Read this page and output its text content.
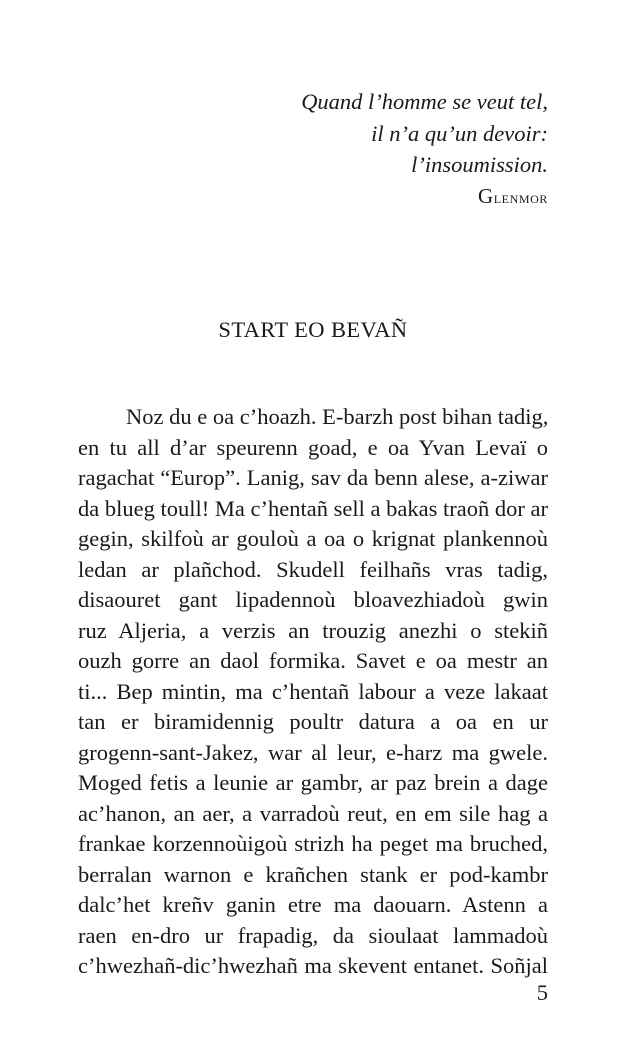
Quand l’homme se veut tel,
il n’a qu’un devoir:
l’insoumission.
Glenmor
START EO BEVAÑ
Noz du e oa c’hoazh. E-barzh post bihan tadig,
en tu all d’ar speurenn goad, e oa Yvan Levaï o
ragachat “Europ”. Lanig, sav da benn alese, a-ziwar
da blueg toull! Ma c’hentañ sell a bakas traoñ dor ar
gegin, skilfoù ar gouloù a oa o krignat plankennoù
ledan ar plañchod. Skudell feilhañs vras tadig,
disaouret gant lipadennoù bloavezhiadoù gwin
ruz Aljeria, a verzis an trouzig anezhi o stekiñ
ouzh gorre an daol formika. Savet e oa mestr an
ti... Bep mintin, ma c’hentañ labour a veze lakaat
tan er biramidennig poultr datura a oa en ur
grogenn-sant-Jakez, war al leur, e-harz ma gwele.
Moged fetis a leunie ar gambr, ar paz brein a dage
ac’hanon, an aer, a varradoù reut, en em sile hag a
frankae korzennoùigoù strizh ha peget ma bruched,
berralan warnon e krañchen stank er pod-kambr
dalc’het kreñv ganin etre ma daouarn. Astenn a
raen en-dro ur frapadig, da sioulaat lammadoù
c’hwezhañ-dic’hwezhañ ma skevent entanet. Soñjal
5
